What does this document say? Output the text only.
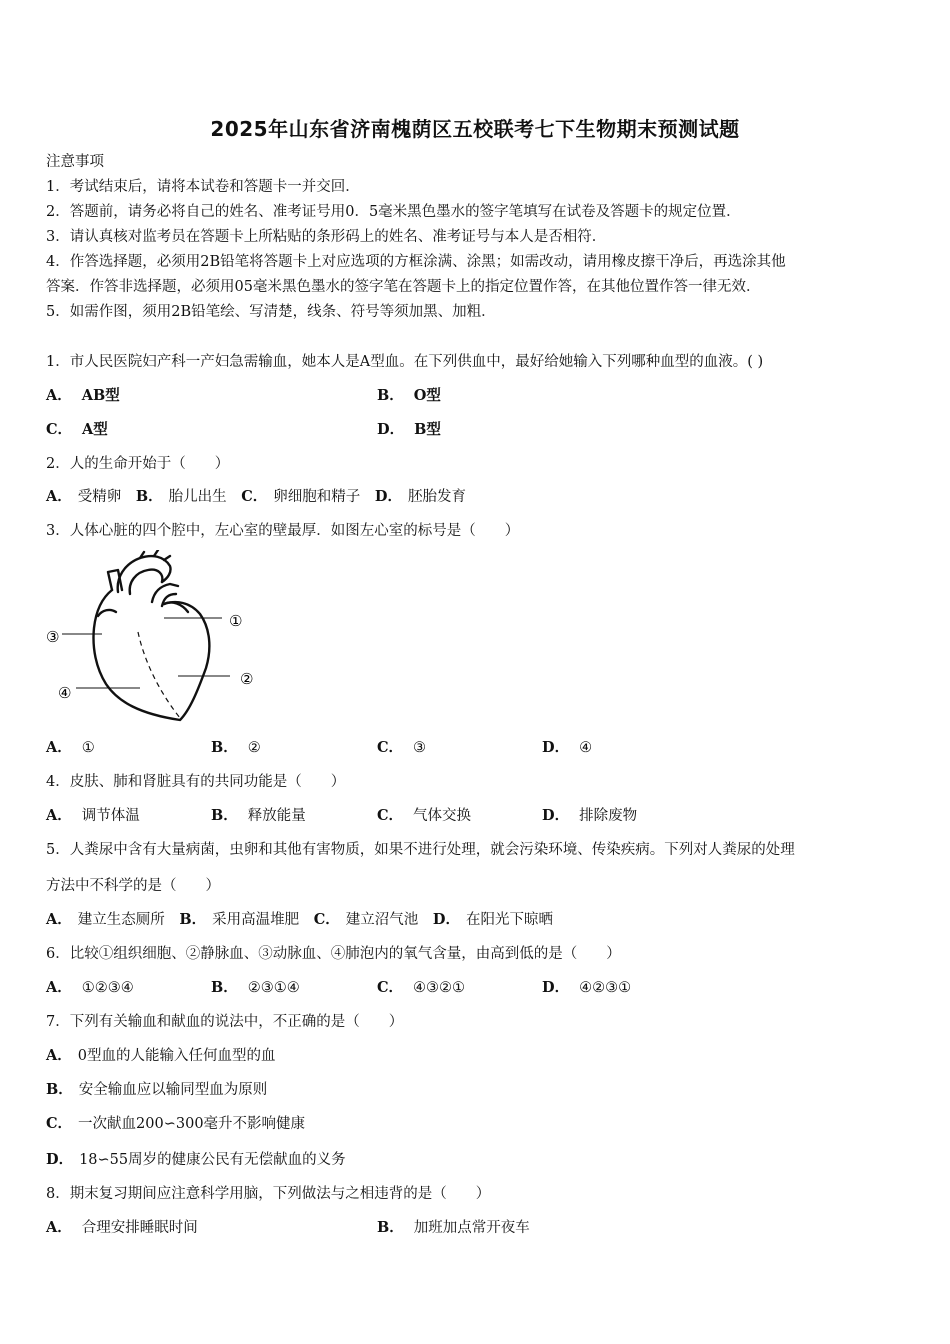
2025年山东省济南槐荫区五校联考七下生物期末预测试题
注意事项
1．考试结束后，请将本试卷和答题卡一并交回．
2．答题前，请务必将自己的姓名、准考证号用0．5毫米黑色墨水的签字笔填写在试卷及答题卡的规定位置．
3．请认真核对监考员在答题卡上所粘贴的条形码上的姓名、准考证号与本人是否相符．
4．作答选择题，必须用2B铅笔将答题卡上对应选项的方框涂满、涂黑；如需改动，请用橡皮擦干净后，再选涂其他
答案．作答非选择题，必须用05毫米黑色墨水的签字笔在答题卡上的指定位置作答，在其他位置作答一律无效．
5．如需作图，须用2B铅笔绘、写清楚，线条、符号等须加黑、加粗．
1．市人民医院妇产科一产妇急需输血，她本人是A型血。在下列供血中，最好给她输入下列哪种血型的血液。( )
A． AB型	B． O型
C． A型	D． B型
2．人的生命开始于（　　）
A． 受精卵 B． 胎儿出生 C． 卵细胞和精子 D． 胚胎发育
3．人体心脏的四个腔中，左心室的壁最厚．如图左心室的标号是（　　）
①
②
③
④
A． ①	B． ②	C． ③	D． ④
4．皮肤、肺和肾脏具有的共同功能是（　　）
A． 调节体温	B． 释放能量	C． 气体交换	D． 排除废物
5．人粪尿中含有大量病菌，虫卵和其他有害物质，如果不进行处理，就会污染环境、传染疾病。下列对人粪尿的处理
方法中不科学的是（　　）
A． 建立生态厕所 B． 采用高温堆肥 C． 建立沼气池 D． 在阳光下晾晒
6．比较①组织细胞、②静脉血、③动脉血、④肺泡内的氧气含量，由高到低的是（　　）
A． ①②③④	B． ②③①④	C． ④③②①	D． ④②③①
7．下列有关输血和献血的说法中，不正确的是（　　）
A． 0型血的人能输入任何血型的血
B． 安全输血应以输同型血为原则
C． 一次献血200∽300毫升不影响健康
D． 18∽55周岁的健康公民有无偿献血的义务
8．期末复习期间应注意科学用脑，下列做法与之相违背的是（　　）
A． 合理安排睡眠时间	B． 加班加点常开夜车
